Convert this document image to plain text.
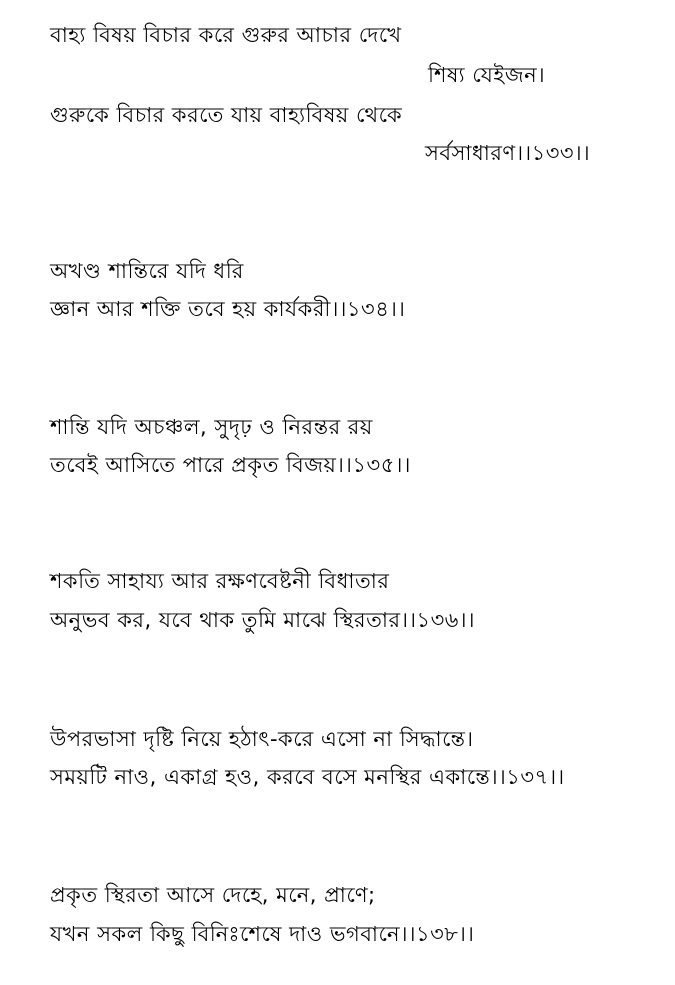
বাহ্য বিষয় বিচার করে গুরুর আচার দেখে
শিষ্য যেইজন।
গুরুকে বিচার করতে যায় বাহ্যবিষয় থেকে
সর্বসাধারণ।।১৩৩।।
অখণ্ড শান্তিরে যদি ধরি
জ্ঞান আর শক্তি তবে হয় কার্যকরী।।১৩৪।।
শান্তি যদি অচঞ্চল, সুদৃঢ় ও নিরন্তর রয়
তবেই আসিতে পারে প্রকৃত বিজয়।।১৩৫।।
শকতি সাহায্য আর রক্ষণবেষ্টনী বিধাতার
অনুভব কর, যবে থাক তুমি মাঝে স্থিরতার।।১৩৬।।
উপরভাসা দৃষ্টি নিয়ে হঠাৎ-করে এসো না সিদ্ধান্তে।
সময়টি নাও, একাগ্র হও, করবে বসে মনস্থির একান্তে।।১৩৭।।
প্রকৃত স্থিরতা আসে দেহে, মনে, প্রাণে;
যখন সকল কিছু বিনিঃশেষে দাও ভগবানে।।১৩৮।।
